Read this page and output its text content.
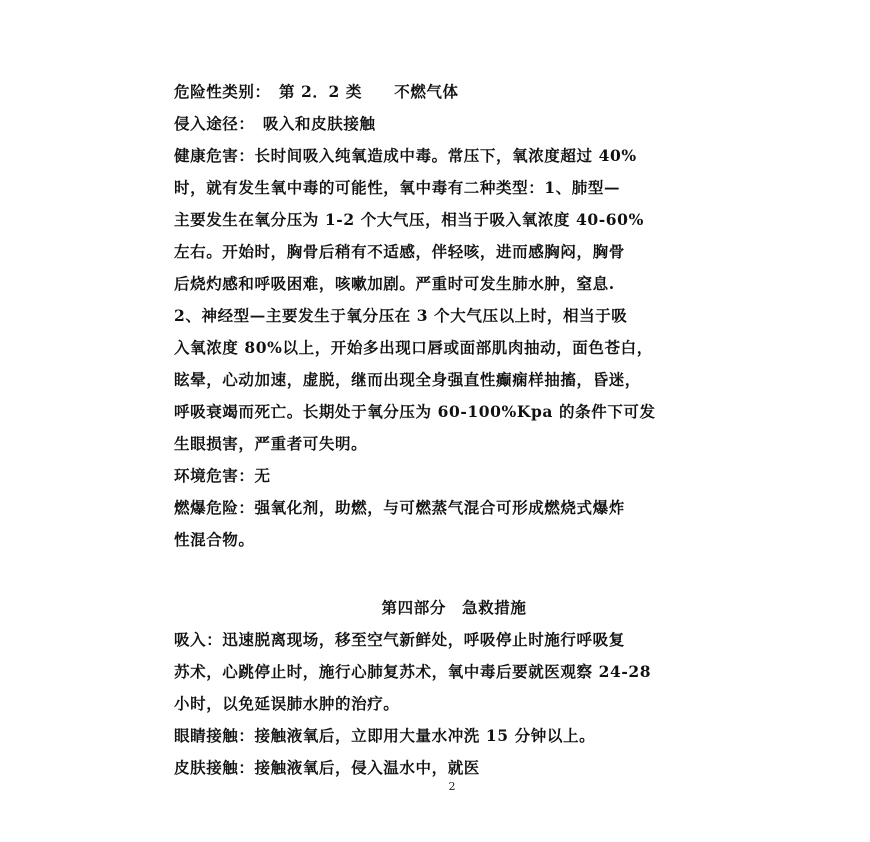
危险性类别：　第 2．2 类　　不燃气体
侵入途径：　吸入和皮肤接触
健康危害：长时间吸入纯氧造成中毒。常压下，氧浓度超过 40%
时，就有发生氧中毒的可能性，氧中毒有二种类型：1、肺型—
主要发生在氧分压为 1-2 个大气压，相当于吸入氧浓度 40-60%
左右。开始时，胸骨后稍有不适感，伴轻咳，进而感胸闷，胸骨
后烧灼感和呼吸困难，咳嗽加剧。严重时可发生肺水肿，窒息.
2、神经型—主要发生于氧分压在 3 个大气压以上时，相当于吸
入氧浓度 80%以上，开始多出现口唇或面部肌肉抽动，面色苍白，
眩晕，心动加速，虚脱，继而出现全身强直性癫痫样抽搐，昏迷，
呼吸衰竭而死亡。长期处于氧分压为 60-100%Kpa 的条件下可发
生眼损害，严重者可失明。
环境危害：无
燃爆危险：强氧化剂，助燃，与可燃蒸气混合可形成燃烧式爆炸
性混合物。
第四部分　急救措施
吸入：迅速脱离现场，移至空气新鲜处，呼吸停止时施行呼吸复
苏术，心跳停止时，施行心肺复苏术，氧中毒后要就医观察 24-28
小时，以免延误肺水肿的治疗。
眼睛接触：接触液氧后，立即用大量水冲洗 15 分钟以上。
皮肤接触：接触液氧后，侵入温水中，就医
2
